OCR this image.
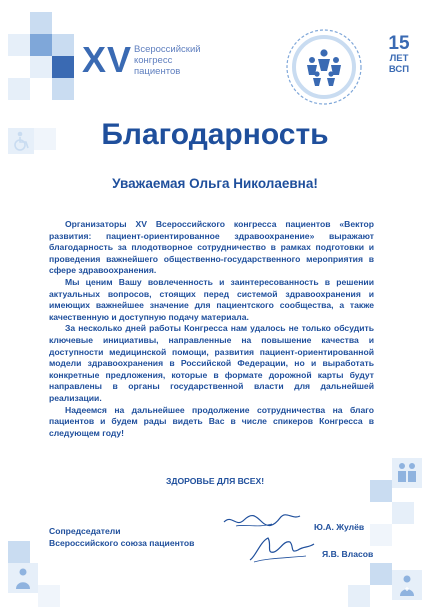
XV Всероссийский
конгресс
пациентов
15
ЛЕТ
ВСП
Благодарность
Уважаемая Ольга Николаевна!

Организаторы XV Всероссийского конгресса пациентов «Вектор развития: пациент-ориентированное здравоохранение» выражают благодарность за плодотворное сотрудничество в рамках подготовки и проведения важнейшего общественно-государственного мероприятия в сфере здравоохранения.

Мы ценим Вашу вовлеченность и заинтересованность в решении актуальных вопросов, стоящих перед системой здравоохранения и имеющих важнейшее значение для пациентского сообщества, а также качественную и доступную подачу материала.

За несколько дней работы Конгресса нам удалось не только обсудить ключевые инициативы, направленные на повышение качества и доступности медицинской помощи, развития пациент-ориентированной модели здравоохранения в Российской Федерации, но и выработать конкретные предложения, которые в формате дорожной карты будут направлены в органы государственной власти для дальнейшей реализации.

Надеемся на дальнейшее продолжение сотрудничества на благо пациентов и будем рады видеть Вас в числе спикеров Конгресса в следующем году!

ЗДОРОВЬЕ ДЛЯ ВСЕХ!
Сопредседатели
Всероссийского союза пациентов
Ю.А. Жулёв
Я.В. Власов
